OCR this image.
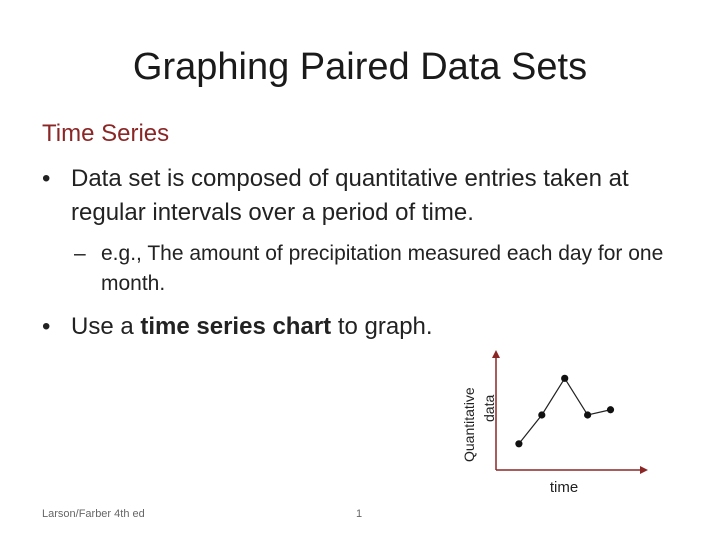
Graphing Paired Data Sets
Time Series
• Data set is composed of quantitative entries taken at regular intervals over a period of time.
– e.g., The amount of precipitation measured each day for one month.
• Use a time series chart to graph.
Quantitative data
time
Larson/Farber 4th ed	1
